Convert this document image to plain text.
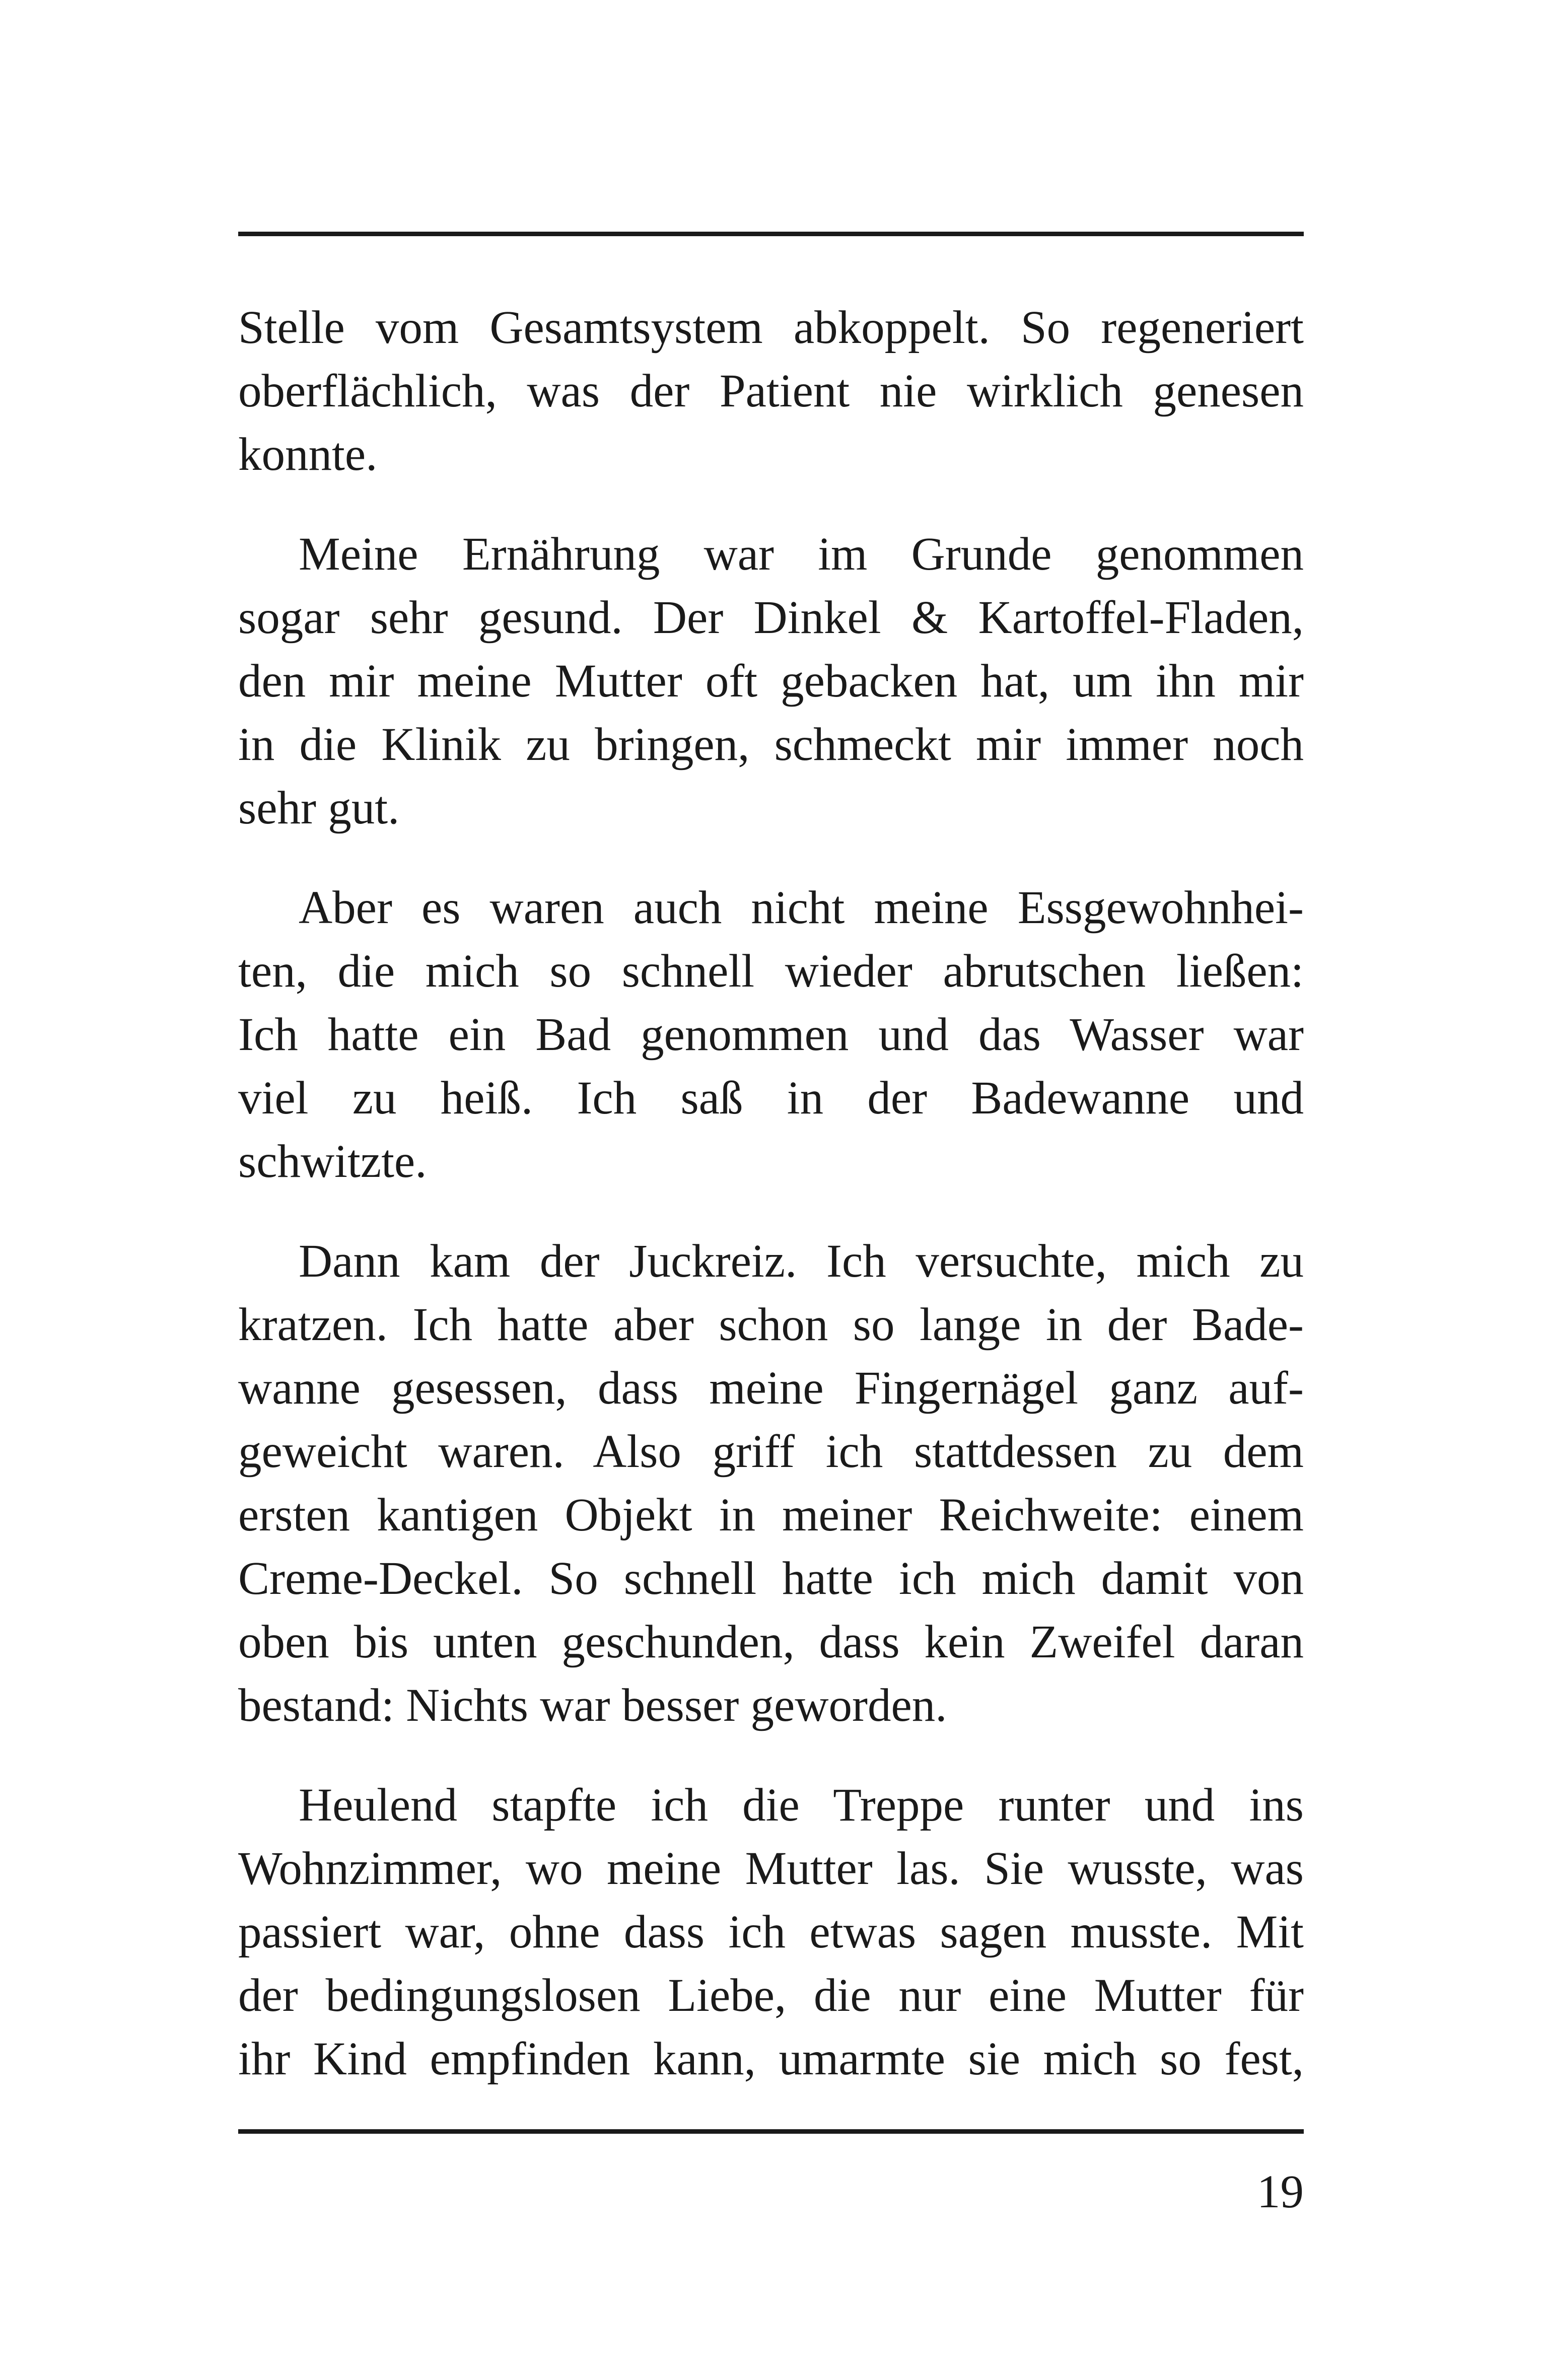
Stelle vom Gesamtsystem abkoppelt. So regeneriert
oberflächlich, was der Patient nie wirklich genesen
konnte.
Meine Ernährung war im Grunde genommen
sogar sehr gesund. Der Dinkel & Kartoffel-Fladen,
den mir meine Mutter oft gebacken hat, um ihn mir
in die Klinik zu bringen, schmeckt mir immer noch
sehr gut.
Aber es waren auch nicht meine Essgewohnhei-
ten, die mich so schnell wieder abrutschen ließen:
Ich hatte ein Bad genommen und das Wasser war
viel zu heiß. Ich saß in der Badewanne und
schwitzte.
Dann kam der Juckreiz. Ich versuchte, mich zu
kratzen. Ich hatte aber schon so lange in der Bade-
wanne gesessen, dass meine Fingernägel ganz auf-
geweicht waren. Also griff ich stattdessen zu dem
ersten kantigen Objekt in meiner Reichweite: einem
Creme-Deckel. So schnell hatte ich mich damit von
oben bis unten geschunden, dass kein Zweifel daran
bestand: Nichts war besser geworden.
Heulend stapfte ich die Treppe runter und ins
Wohnzimmer, wo meine Mutter las. Sie wusste, was
passiert war, ohne dass ich etwas sagen musste. Mit
der bedingungslosen Liebe, die nur eine Mutter für
ihr Kind empfinden kann, umarmte sie mich so fest,
19
